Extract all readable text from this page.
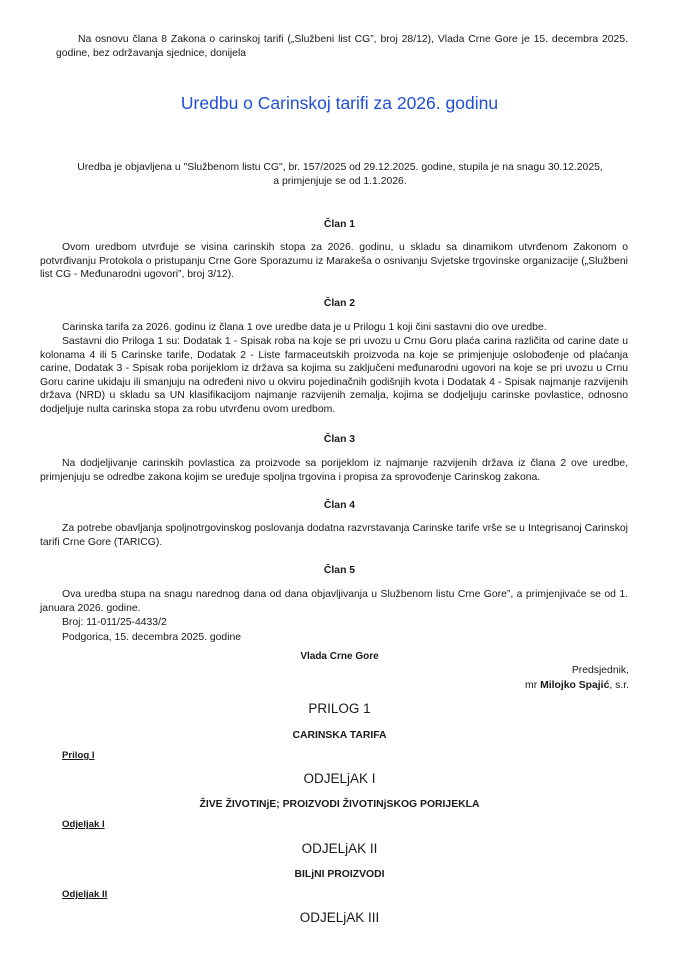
Na osnovu člana 8 Zakona o carinskoj tarifi („Službeni list CG”, broj 28/12), Vlada Crne Gore je 15. decembra 2025. godine, bez održavanja sjednice, donijela
Uredbu o Carinskoj tarifi za 2026. godinu
Uredba je objavljena u "Službenom listu CG", br. 157/2025 od 29.12.2025. godine, stupila je na snagu 30.12.2025,
a primjenjuje se od 1.1.2026.
Član 1
Ovom uredbom utvrđuje se visina carinskih stopa za 2026. godinu, u skladu sa dinamikom utvrđenom Zakonom o potvrđivanju Protokola o pristupanju Crne Gore Sporazumu iz Marakeša o osnivanju Svjetske trgovinske organizacije („Službeni list CG - Međunarodni ugovori”, broj 3/12).
Član 2
Carinska tarifa za 2026. godinu iz člana 1 ove uredbe data je u Prilogu 1 koji čini sastavni dio ove uredbe.
Sastavni dio Priloga 1 su: Dodatak 1 - Spisak roba na koje se pri uvozu u Crnu Goru plaća carina različita od carine date u kolonama 4 ili 5 Carinske tarife, Dodatak 2 - Liste farmaceutskih proizvoda na koje se primjenjuje oslobođenje od plaćanja carine, Dodatak 3 - Spisak roba porijeklom iz država sa kojima su zaključeni međunarodni ugovori na koje se pri uvozu u Crnu Goru carine ukidaju ili smanjuju na određeni nivo u okviru pojedinačnih godišnjih kvota i Dodatak 4 - Spisak najmanje razvijenih država (NRD) u skladu sa UN klasifikacijom najmanje razvijenih zemalja, kojima se dodjeljuju carinske povlastice, odnosno dodjeljuje nulta carinska stopa za robu utvrđenu ovom uredbom.
Član 3
Na dodjeljivanje carinskih povlastica za proizvode sa porijeklom iz najmanje razvijenih država iz člana 2 ove uredbe, primjenjuju se odredbe zakona kojim se uređuje spoljna trgovina i propisa za sprovođenje Carinskog zakona.
Član 4
Za potrebe obavljanja spoljnotrgovinskog poslovanja dodatna razvrstavanja Carinske tarife vrše se u Integrisanoj Carinskoj tarifi Crne Gore (TARICG).
Član 5
Ova uredba stupa na snagu narednog dana od dana objavljivanja u Službenom listu Crne Gore”, a primjenjivaće se od 1. januara 2026. godine.
Broj: 11-011/25-4433/2
Podgorica, 15. decembra 2025. godine
Vlada Crne Gore
Predsjednik,
mr Milojko Spajić, s.r.
PRILOG 1
CARINSKA TARIFA
Prilog I
ODJELjAK I
ŽIVE ŽIVOTINjE; PROIZVODI ŽIVOTINjSKOG PORIJEKLA
Odjeljak I
ODJELjAK II
BILjNI PROIZVODI
Odjeljak II
ODJELjAK III
